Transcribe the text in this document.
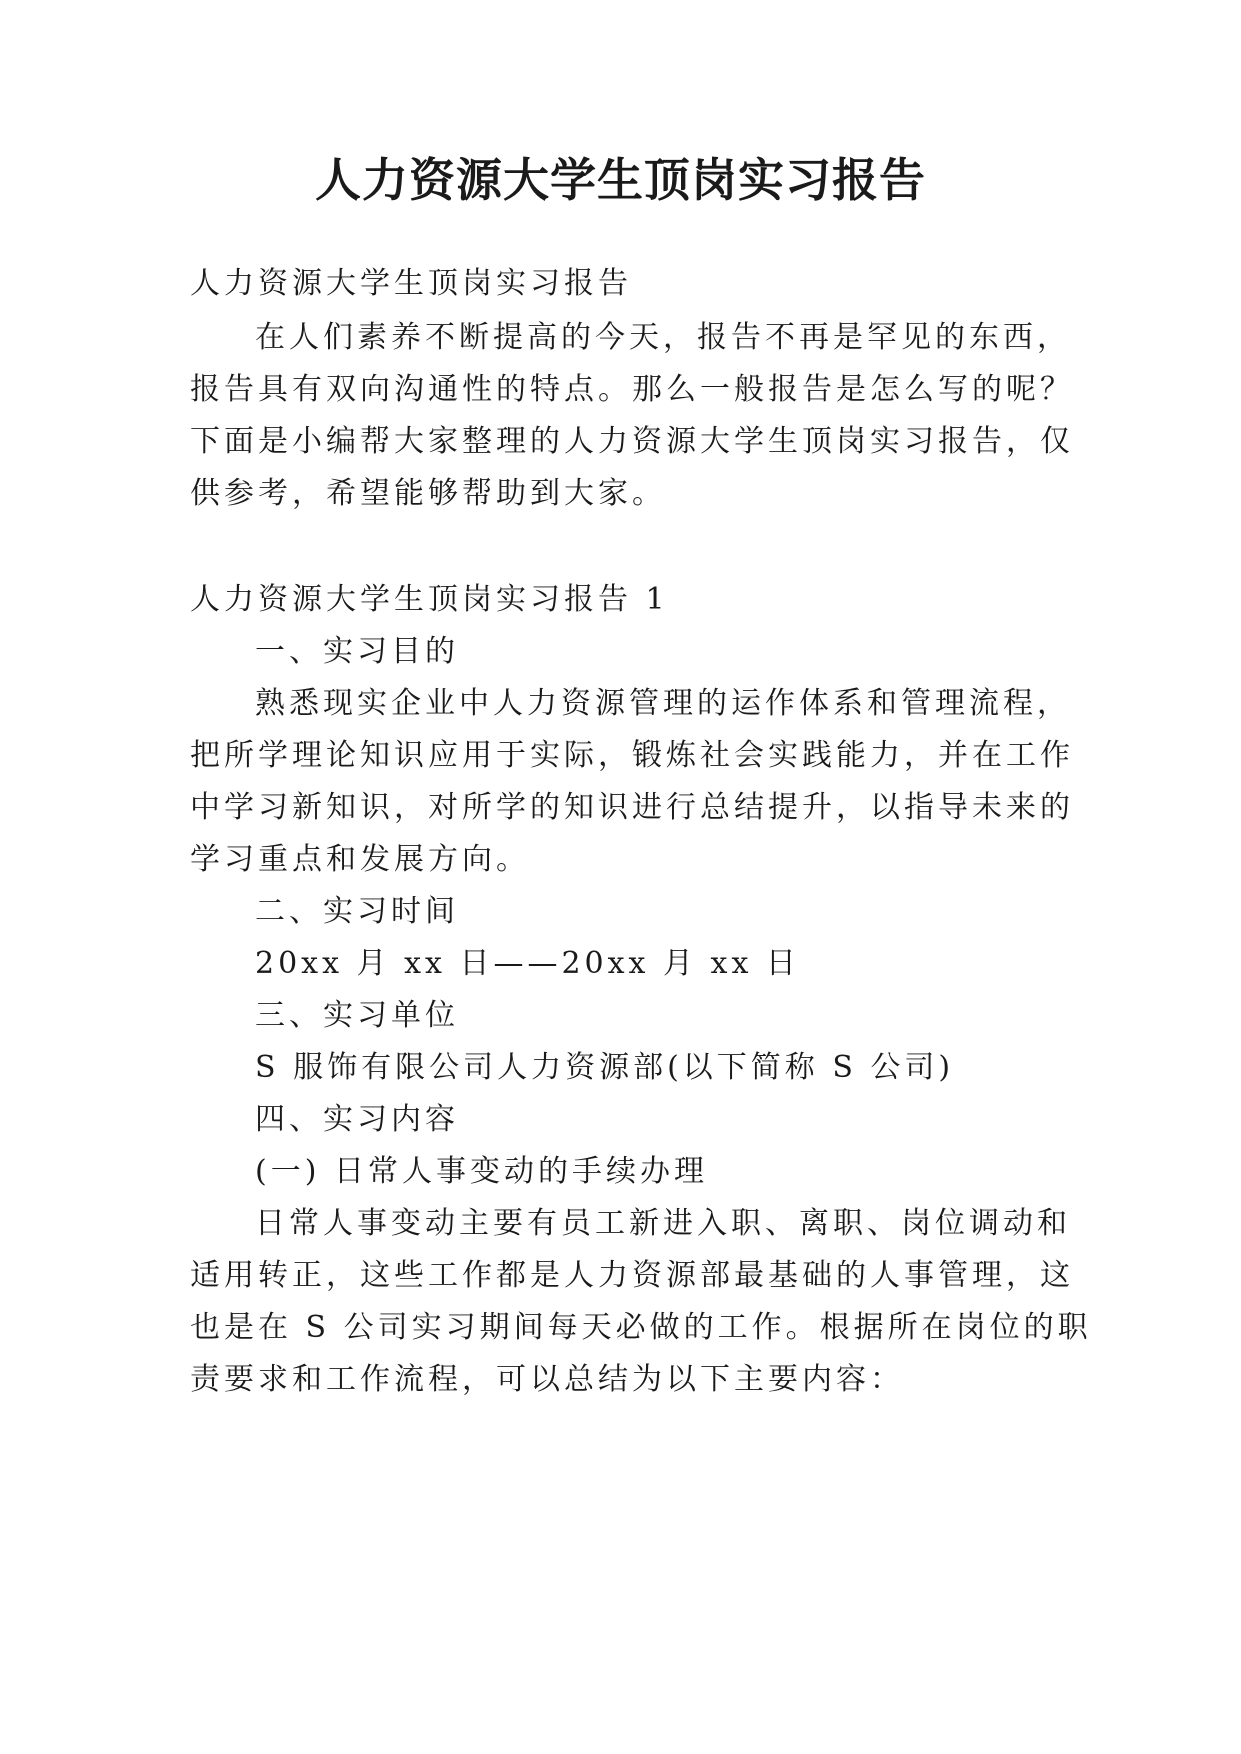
人力资源大学生顶岗实习报告
人力资源大学生顶岗实习报告
在人们素养不断提高的今天，报告不再是罕见的东西，
报告具有双向沟通性的特点。那么一般报告是怎么写的呢？
下面是小编帮大家整理的人力资源大学生顶岗实习报告，仅
供参考，希望能够帮助到大家。
人力资源大学生顶岗实习报告 1
一、实习目的
熟悉现实企业中人力资源管理的运作体系和管理流程，
把所学理论知识应用于实际，锻炼社会实践能力，并在工作
中学习新知识，对所学的知识进行总结提升，以指导未来的
学习重点和发展方向。
二、实习时间
20xx 月 xx 日——20xx 月 xx 日
三、实习单位
S 服饰有限公司人力资源部(以下简称 S 公司)
四、实习内容
(一) 日常人事变动的手续办理
日常人事变动主要有员工新进入职、离职、岗位调动和
适用转正，这些工作都是人力资源部最基础的人事管理，这
也是在 S 公司实习期间每天必做的工作。根据所在岗位的职
责要求和工作流程，可以总结为以下主要内容：
